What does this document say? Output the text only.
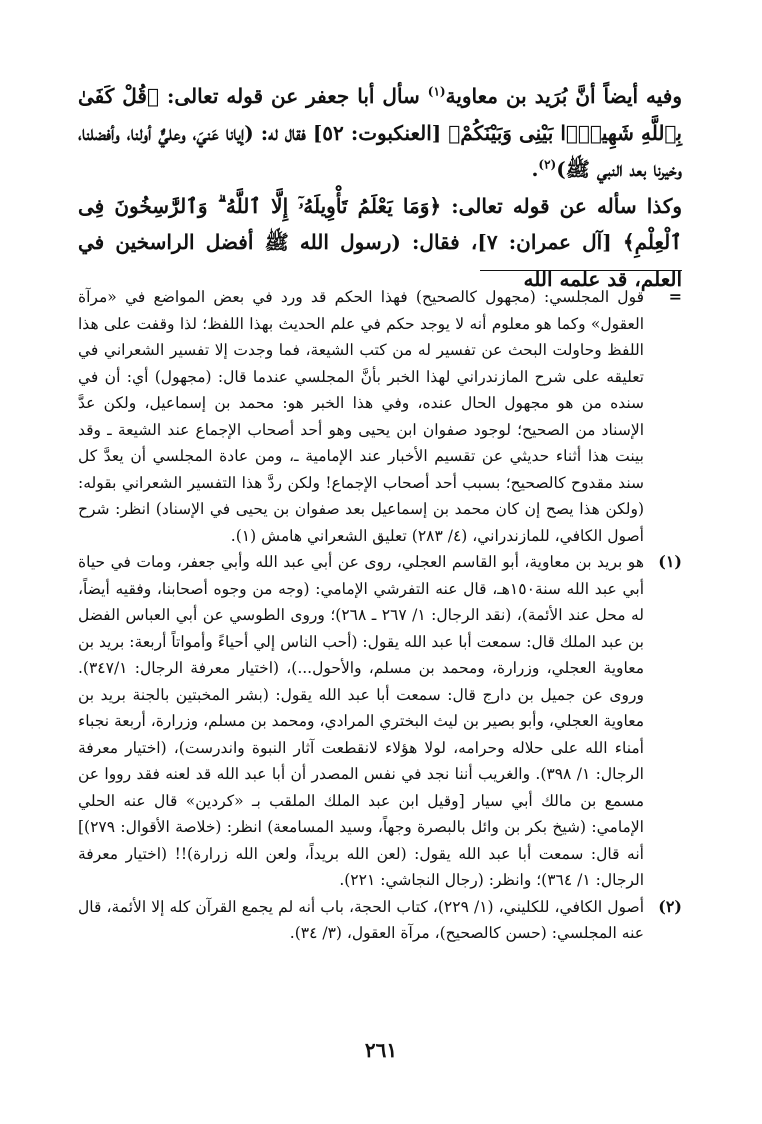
وفيه أيضاً أنَّ بُرَيد بن معاوية$^{(١)}$ سأل أبا جعفر عن قوله تعالى: ﴿قُلْ كَفَىٰ بِٱللَّهِ شَهِيدًۢا بَيْنِى وَبَيْنَكُمْ﴾ [العنكبوت: ٥٢] فقال له: (إيانا عَنيَ، وعليٌّ أولنا، وأفضلنا، وخيرنا بعد النبي ﷺ)$^{(٢)}$.

وكذا سأله عن قوله تعالى: ﴿وَمَا يَعْلَمُ تَأْوِيلَهُۥٓ إِلَّا ٱللَّهُ ۗ وَٱلرَّٰسِخُونَ فِى ٱلْعِلْمِ﴾ [آل عمران: ٧]، فقال: (رسول الله ﷺ أفضل الراسخين في العلم، قد علمه الله

=
قول المجلسي: (مجهول كالصحيح) فهذا الحكم قد ورد في بعض المواضع في «مرآة العقول» وكما هو معلوم أنه لا يوجد حكم في علم الحديث بهذا اللفظ؛ لذا وقفت على هذا اللفظ وحاولت البحث عن تفسير له من كتب الشيعة، فما وجدت إلا تفسير الشعراني في تعليقه على شرح المازندراني لهذا الخبر بأنَّ المجلسي عندما قال: (مجهول) أي: أن في سنده من هو مجهول الحال عنده، وفي هذا الخبر هو: محمد بن إسماعيل، ولكن عدَّ الإسناد من الصحيح؛ لوجود صفوان ابن يحيى وهو أحد أصحاب الإجماع عند الشيعة ـ وقد بينت هذا أثناء حديثي عن تقسيم الأخبار عند الإمامية ـ، ومن عادة المجلسي أن يعدَّ كل سند مقدوح كالصحيح؛ بسبب أحد أصحاب الإجماع! ولكن ردَّ هذا التفسير الشعراني بقوله: (ولكن هذا يصح إن كان محمد بن إسماعيل بعد صفوان بن يحيى في الإسناد) انظر: شرح أصول الكافي، للمازندراني، (٤/ ٢٨٣) تعليق الشعراني هامش (١).
(١)
هو بريد بن معاوية، أبو القاسم العجلي، روى عن أبي عبد الله وأبي جعفر، ومات في حياة أبي عبد الله سنة١٥٠هـ، قال عنه التفرشي الإمامي: (وجه من وجوه أصحابنا، وفقيه أيضاً، له محل عند الأئمة)، (نقد الرجال: ١/ ٢٦٧ ـ ٢٦٨)؛ وروى الطوسي عن أبي العباس الفضل بن عبد الملك قال: سمعت أبا عبد الله يقول: (أحب الناس إلي أحياءً وأمواتاً أربعة: بريد بن معاوية العجلي، وزرارة، ومحمد بن مسلم، والأحول...)، (اختيار معرفة الرجال: ٣٤٧/١). وروى عن جميل بن دارج قال: سمعت أبا عبد الله يقول: (بشر المخبتين بالجنة بريد بن معاوية العجلي، وأبو بصير بن ليث البختري المرادي، ومحمد بن مسلم، وزرارة، أربعة نجباء أمناء الله على حلاله وحرامه، لولا هؤلاء لانقطعت آثار النبوة واندرست)، (اختيار معرفة الرجال: ١/ ٣٩٨). والغريب أننا نجد في نفس المصدر أن أبا عبد الله قد لعنه فقد رووا عن مسمع بن مالك أبي سيار [وقيل ابن عبد الملك الملقب بـ «كردين» قال عنه الحلي الإمامي: (شيخ بكر بن وائل بالبصرة وجهاً، وسيد المسامعة) انظر: (خلاصة الأقوال: ٢٧٩)] أنه قال: سمعت أبا عبد الله يقول: (لعن الله بريداً، ولعن الله زرارة)!! (اختيار معرفة الرجال: ١/ ٣٦٤)؛ وانظر: (رجال النجاشي: ٢٢١).
(٢)
أصول الكافي، للكليني، (١/ ٢٢٩)، كتاب الحجة، باب أنه لم يجمع القرآن كله إلا الأئمة، قال عنه المجلسي: (حسن كالصحيح)، مرآة العقول، (٣/ ٣٤).
٢٦١
